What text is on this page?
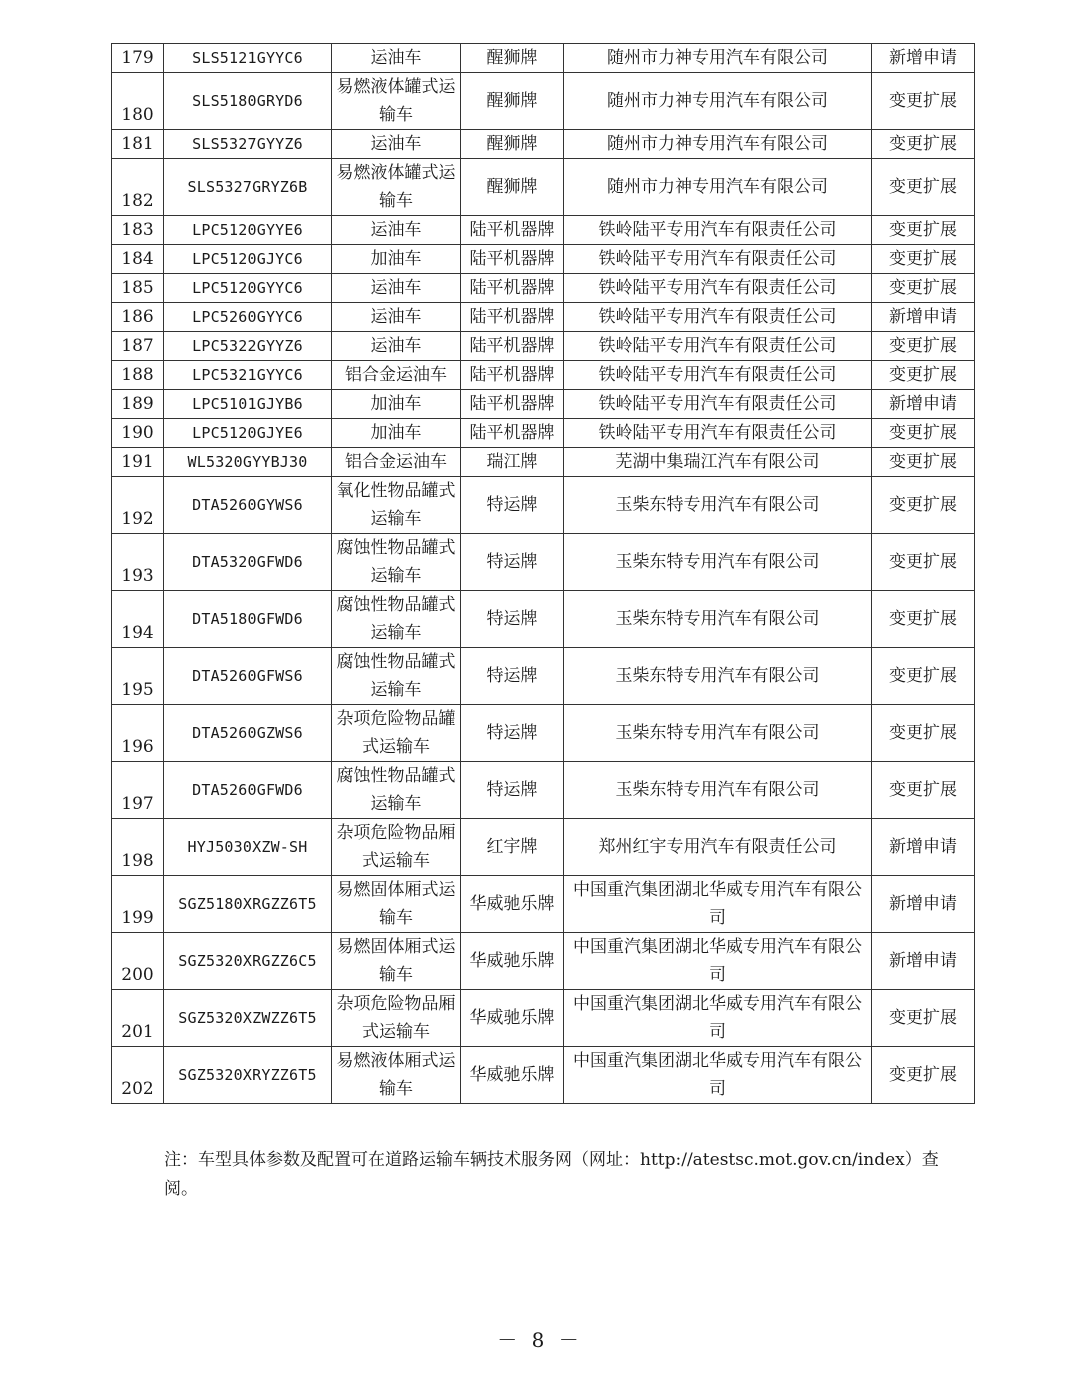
179	SLS5121GYYC6	运油车	醒狮牌	随州市力神专用汽车有限公司	新增申请
180	SLS5180GRYD6	易燃液体罐式运输车	醒狮牌	随州市力神专用汽车有限公司	变更扩展
181	SLS5327GYYZ6	运油车	醒狮牌	随州市力神专用汽车有限公司	变更扩展
182	SLS5327GRYZ6B	易燃液体罐式运输车	醒狮牌	随州市力神专用汽车有限公司	变更扩展
183	LPC5120GYYE6	运油车	陆平机器牌	铁岭陆平专用汽车有限责任公司	变更扩展
184	LPC5120GJYC6	加油车	陆平机器牌	铁岭陆平专用汽车有限责任公司	变更扩展
185	LPC5120GYYC6	运油车	陆平机器牌	铁岭陆平专用汽车有限责任公司	变更扩展
186	LPC5260GYYC6	运油车	陆平机器牌	铁岭陆平专用汽车有限责任公司	新增申请
187	LPC5322GYYZ6	运油车	陆平机器牌	铁岭陆平专用汽车有限责任公司	变更扩展
188	LPC5321GYYC6	铝合金运油车	陆平机器牌	铁岭陆平专用汽车有限责任公司	变更扩展
189	LPC5101GJYB6	加油车	陆平机器牌	铁岭陆平专用汽车有限责任公司	新增申请
190	LPC5120GJYE6	加油车	陆平机器牌	铁岭陆平专用汽车有限责任公司	变更扩展
191	WL5320GYYBJ30	铝合金运油车	瑞江牌	芜湖中集瑞江汽车有限公司	变更扩展
192	DTA5260GYWS6	氧化性物品罐式运输车	特运牌	玉柴东特专用汽车有限公司	变更扩展
193	DTA5320GFWD6	腐蚀性物品罐式运输车	特运牌	玉柴东特专用汽车有限公司	变更扩展
194	DTA5180GFWD6	腐蚀性物品罐式运输车	特运牌	玉柴东特专用汽车有限公司	变更扩展
195	DTA5260GFWS6	腐蚀性物品罐式运输车	特运牌	玉柴东特专用汽车有限公司	变更扩展
196	DTA5260GZWS6	杂项危险物品罐式运输车	特运牌	玉柴东特专用汽车有限公司	变更扩展
197	DTA5260GFWD6	腐蚀性物品罐式运输车	特运牌	玉柴东特专用汽车有限公司	变更扩展
198	HYJ5030XZW-SH	杂项危险物品厢式运输车	红宇牌	郑州红宇专用汽车有限责任公司	新增申请
199	SGZ5180XRGZZ6T5	易燃固体厢式运输车	华威驰乐牌	中国重汽集团湖北华威专用汽车有限公司	新增申请
200	SGZ5320XRGZZ6C5	易燃固体厢式运输车	华威驰乐牌	中国重汽集团湖北华威专用汽车有限公司	新增申请
201	SGZ5320XZWZZ6T5	杂项危险物品厢式运输车	华威驰乐牌	中国重汽集团湖北华威专用汽车有限公司	变更扩展
202	SGZ5320XRYZZ6T5	易燃液体厢式运输车	华威驰乐牌	中国重汽集团湖北华威专用汽车有限公司	变更扩展
注：车型具体参数及配置可在道路运输车辆技术服务网（网址：http://atestsc.mot.gov.cn/index）查阅。
－ 8 －
